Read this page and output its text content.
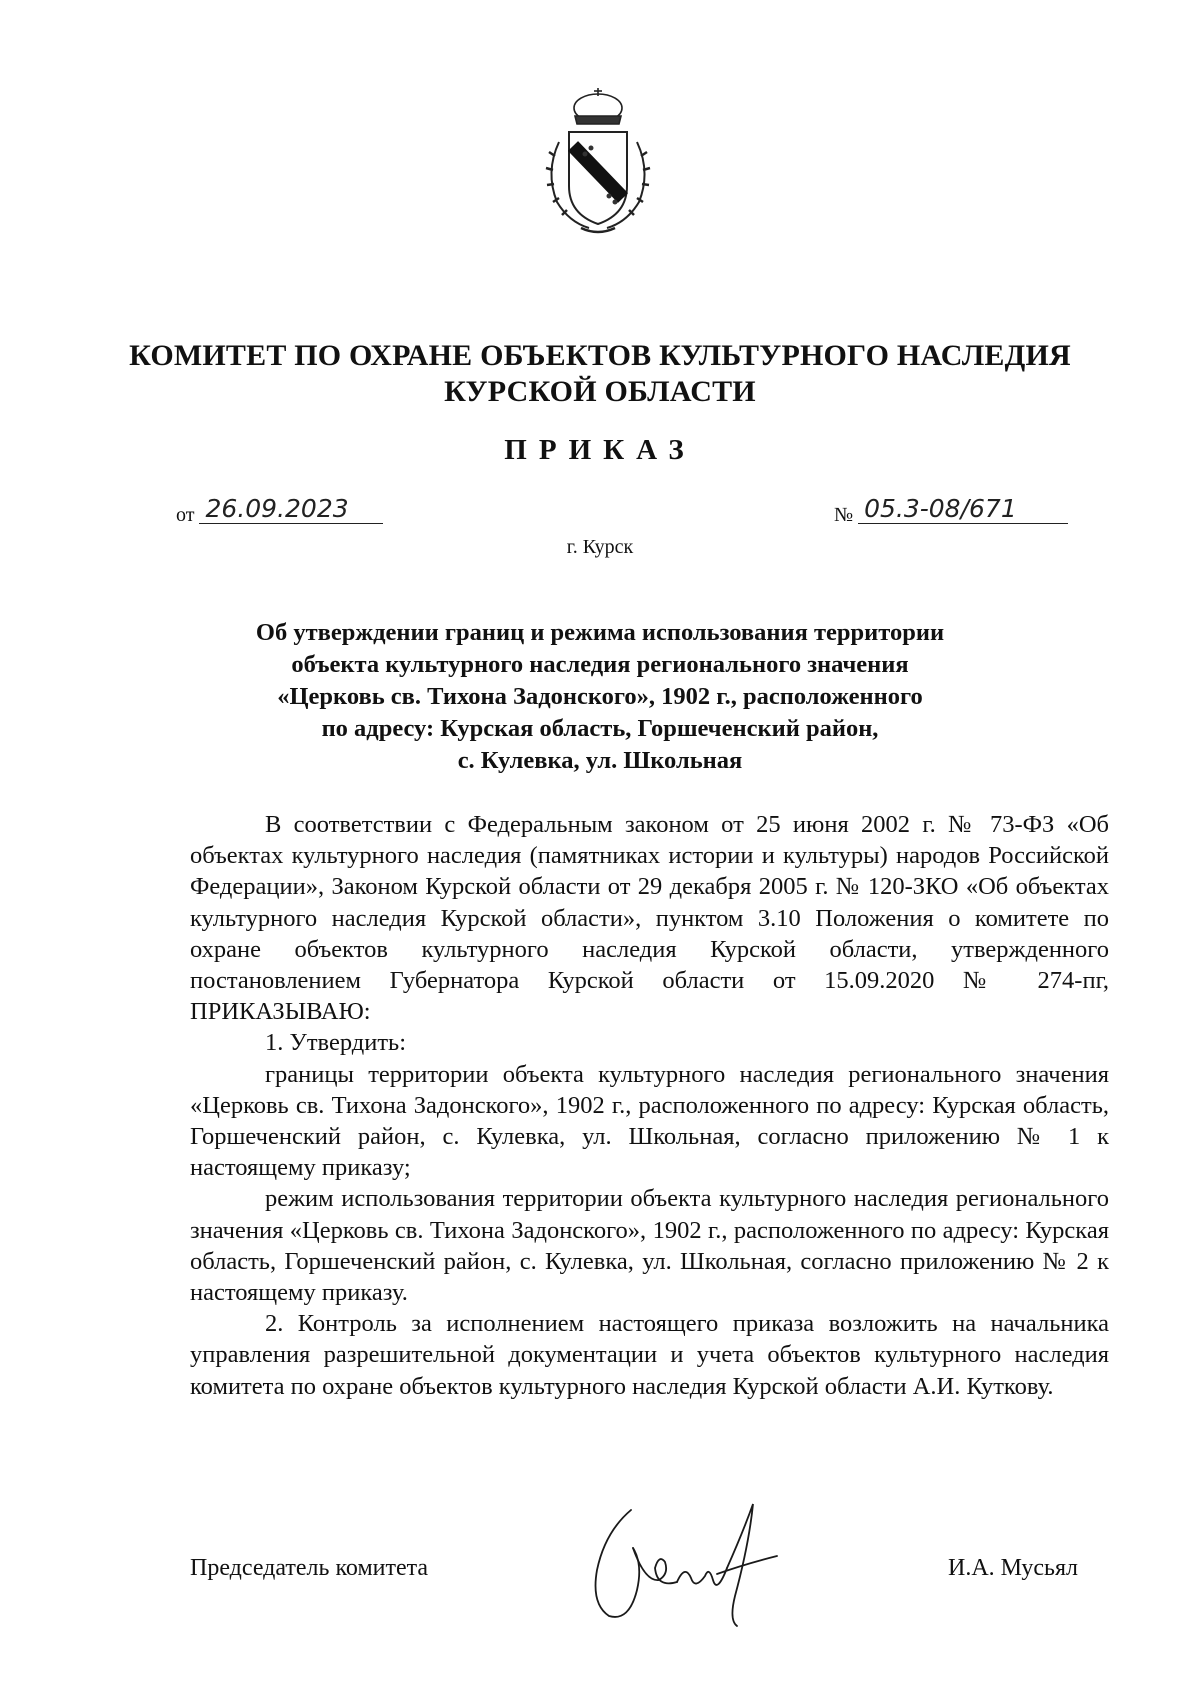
КОМИТЕТ ПО ОХРАНЕ ОБЪЕКТОВ КУЛЬТУРНОГО НАСЛЕДИЯ
КУРСКОЙ ОБЛАСТИ
ПРИКАЗ
от 26.09.2023	№ 05.3-08/671
г. Курск
Об утверждении границ и режима использования территории
объекта культурного наследия регионального значения
«Церковь св. Тихона Задонского», 1902 г., расположенного
по адресу: Курская область, Горшеченский район,
с. Кулевка, ул. Школьная

В соответствии с Федеральным законом от 25 июня 2002 г. № 73-ФЗ «Об объектах культурного наследия (памятниках истории и культуры) народов Российской Федерации», Законом Курской области от 29 декабря 2005 г. № 120-ЗКО «Об объектах культурного наследия Курской области», пунктом 3.10 Положения о комитете по охране объектов культурного наследия Курской области, утвержденного постановлением Губернатора Курской области от 15.09.2020 № 274-пг, ПРИКАЗЫВАЮ:

1. Утвердить:

границы территории объекта культурного наследия регионального значения «Церковь св. Тихона Задонского», 1902 г., расположенного по адресу: Курская область, Горшеченский район, с. Кулевка, ул. Школьная, согласно приложению № 1 к настоящему приказу;

режим использования территории объекта культурного наследия регионального значения «Церковь св. Тихона Задонского», 1902 г., расположенного по адресу: Курская область, Горшеченский район, с. Кулевка, ул. Школьная, согласно приложению № 2 к настоящему приказу.

2. Контроль за исполнением настоящего приказа возложить на начальника управления разрешительной документации и учета объектов культурного наследия комитета по охране объектов культурного наследия Курской области А.И. Куткову.

Председатель комитета	И.А. Мусьял
